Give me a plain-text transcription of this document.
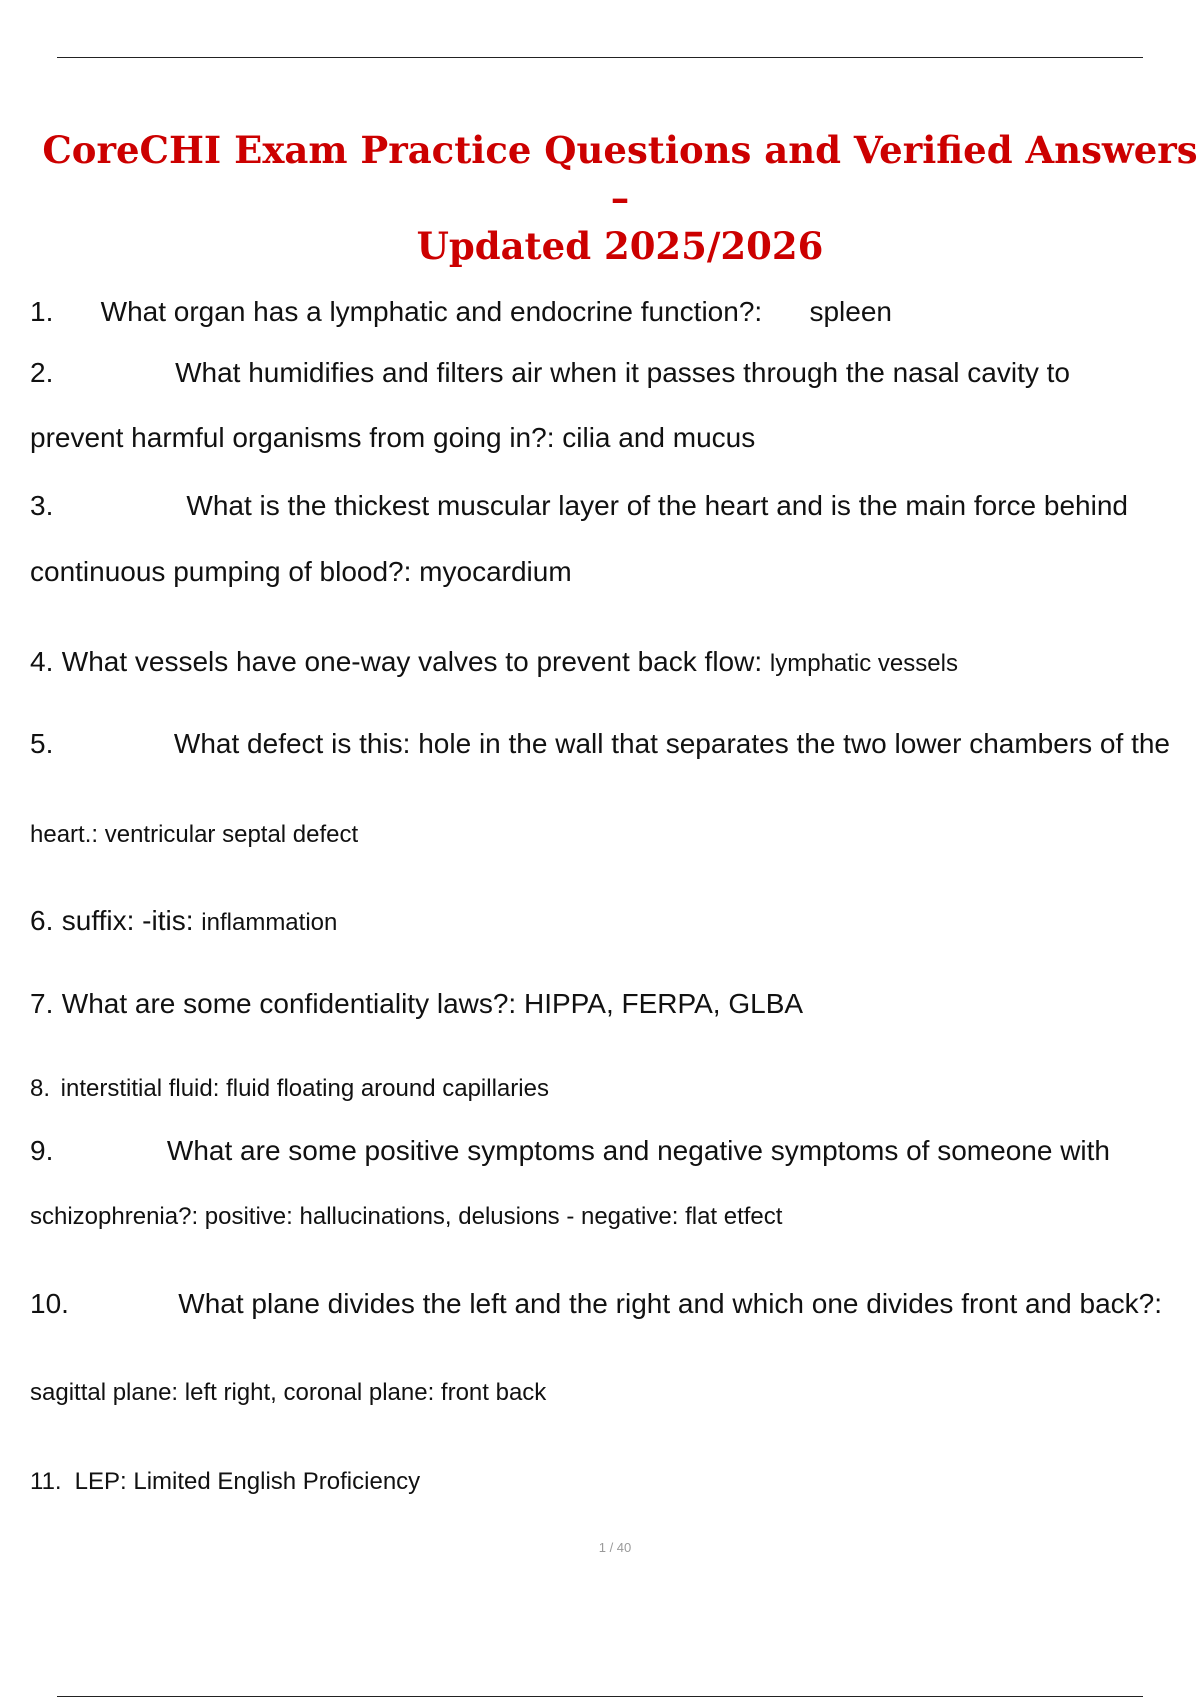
CoreCHI Exam Practice Questions and Verified Answers –
Updated 2025/2026
1. What organ has a lymphatic and endocrine function?: spleen
2.	What humidifies and filters air when it passes through the nasal cavity to
prevent harmful organisms from going in?: cilia and mucus
3.	What is the thickest muscular layer of the heart and is the main force behind
continuous pumping of blood?: myocardium
4. What vessels have one-way valves to prevent back flow: lymphatic vessels
5.	What defect is this: hole in the wall that separates the two lower chambers of the
heart.: ventricular septal defect
6. suffix: -itis: inflammation
7. What are some confidentiality laws?: HIPPA, FERPA, GLBA
8. interstitial fluid: fluid floating around capillaries
9.	What are some positive symptoms and negative symptoms of someone with
schizophrenia?: positive: hallucinations, delusions - negative: flat etfect
10.	What plane divides the left and the right and which one divides front and back?:
sagittal plane: left right, coronal plane: front back
11. LEP: Limited English Proficiency
1 / 40
